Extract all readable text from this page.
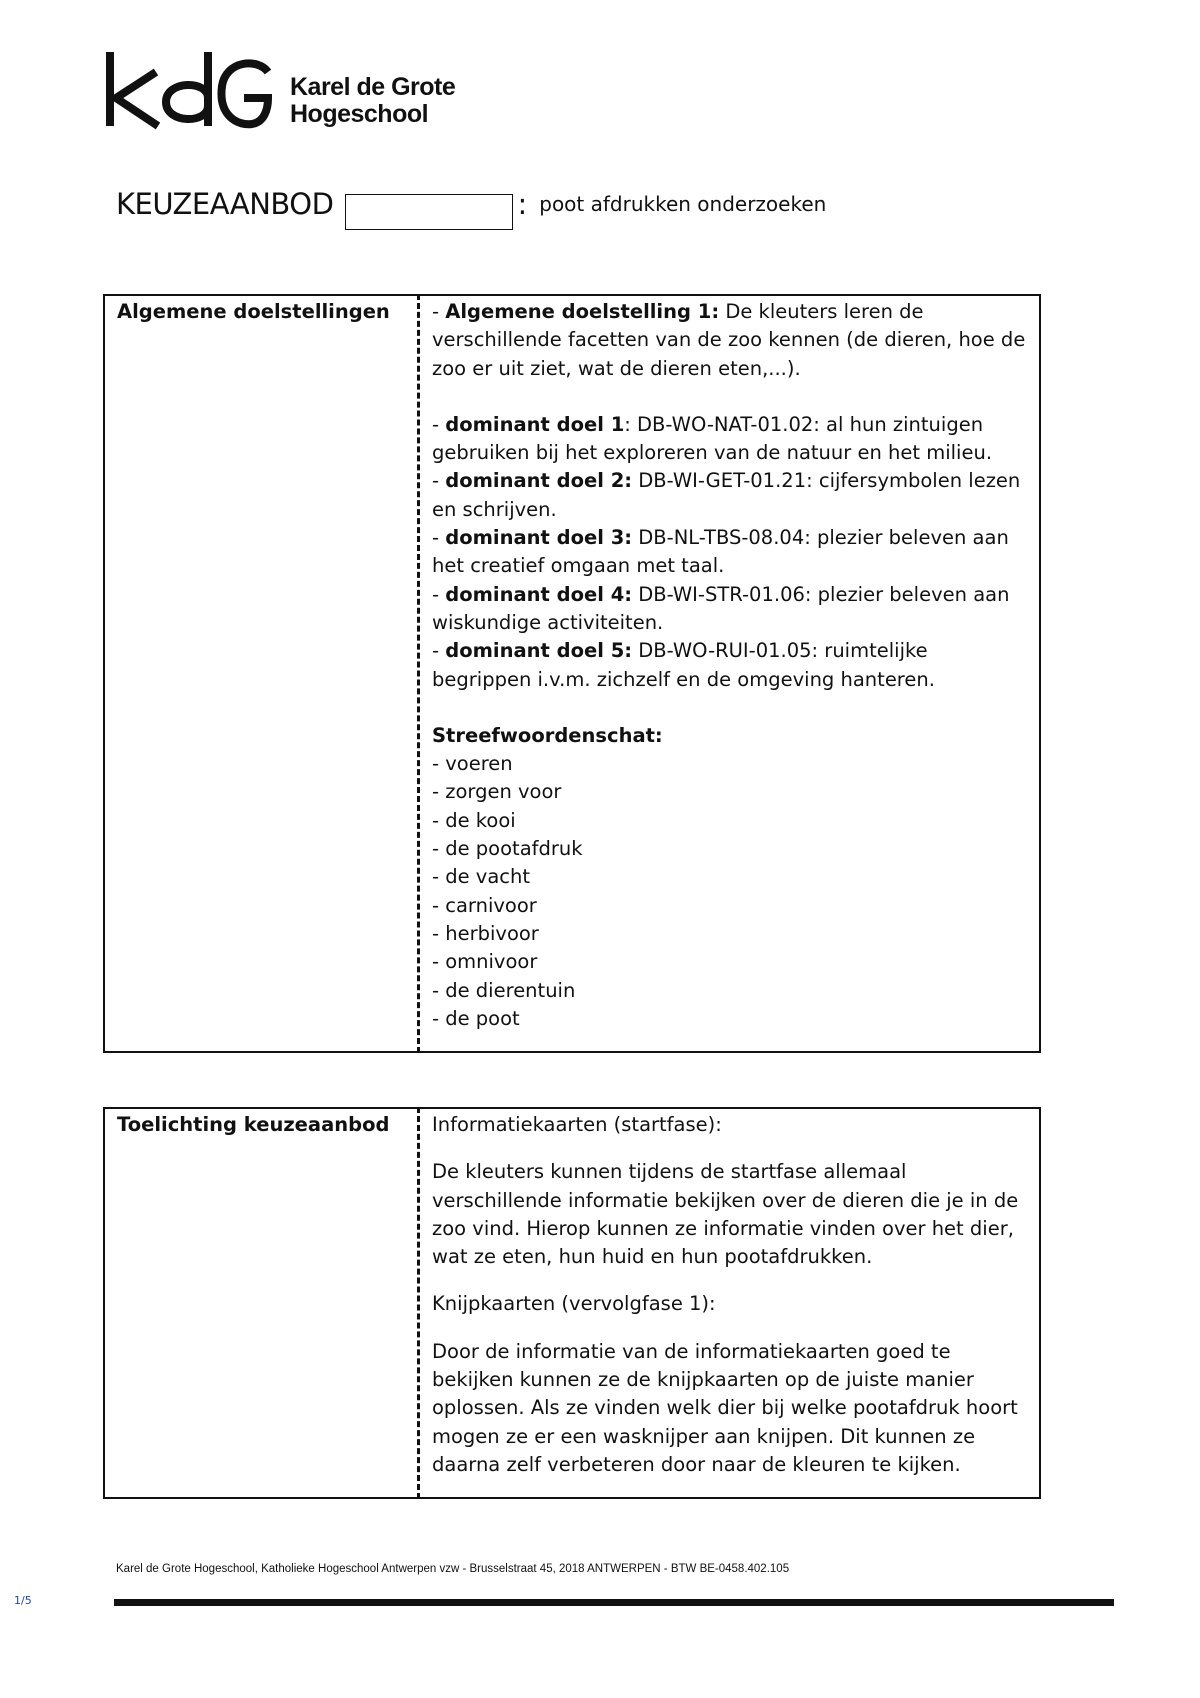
Karel de Grote
Hogeschool
KEUZEAANBOD	: poot afdrukken onderzoeken
Algemene doelstellingen	- Algemene doelstelling 1: De kleuters leren de verschillende facetten van de zoo kennen (de dieren, hoe de zoo er uit ziet, wat de dieren eten,...).

- dominant doel 1: DB-WO-NAT-01.02: al hun zintuigen gebruiken bij het exploreren van de natuur en het milieu.

- dominant doel 2: DB-WI-GET-01.21: cijfersymbolen lezen en schrijven.

- dominant doel 3: DB-NL-TBS-08.04: plezier beleven aan het creatief omgaan met taal.

- dominant doel 4: DB-WI-STR-01.06: plezier beleven aan wiskundige activiteiten.

- dominant doel 5: DB-WO-RUI-01.05: ruimtelijke begrippen i.v.m. zichzelf en de omgeving hanteren.

Streefwoordenschat:

- voeren
- zorgen voor
- de kooi
- de pootafdruk
- de vacht
- carnivoor
- herbivoor
- omnivoor
- de dierentuin
- de poot
Toelichting keuzeaanbod	Informatiekaarten (startfase):

De kleuters kunnen tijdens de startfase allemaal verschillende informatie bekijken over de dieren die je in de zoo vind. Hierop kunnen ze informatie vinden over het dier, wat ze eten, hun huid en hun pootafdrukken.

Knijpkaarten (vervolgfase 1):

Door de informatie van de informatiekaarten goed te bekijken kunnen ze de knijpkaarten op de juiste manier oplossen. Als ze vinden welk dier bij welke pootafdruk hoort mogen ze er een wasknijper aan knijpen. Dit kunnen ze daarna zelf verbeteren door naar de kleuren te kijken.

Karel de Grote Hogeschool, Katholieke Hogeschool Antwerpen vzw - Brusselstraat 45, 2018 ANTWERPEN - BTW BE-0458.402.105
1/5
